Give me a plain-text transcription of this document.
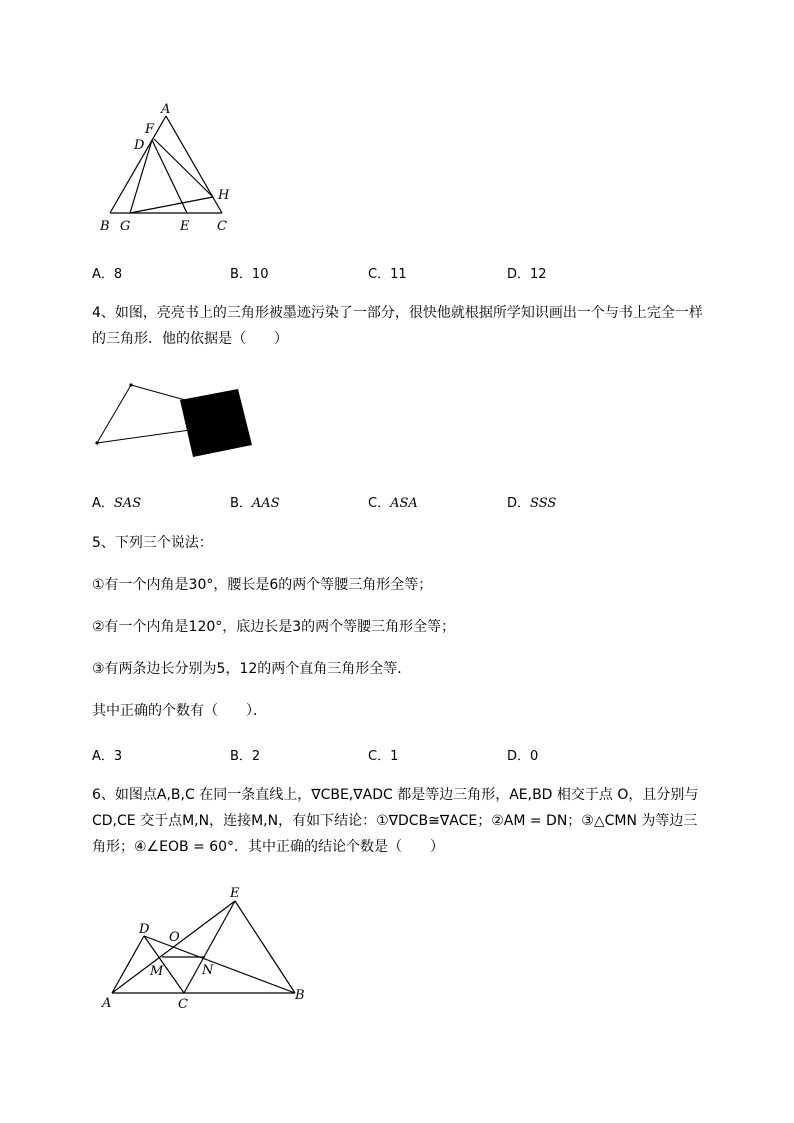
A
F
D
H
B G	E C
A．8	B．10	C．11	D．12
4、如图，亮亮书上的三角形被墨迹污染了一部分，很快他就根据所学知识画出一个与书上完全一样
的三角形．他的依据是（　　）
A．SAS	B．AAS	C．ASA	D．SSS
5、下列三个说法：
①有一个内角是30°，腰长是6的两个等腰三角形全等；
②有一个内角是120°，底边长是3的两个等腰三角形全等；
③有两条边长分别为5，12的两个直角三角形全等．
其中正确的个数有（　　）．
A．3	B．2	C．1	D．0
6、如图点A,B,C 在同一条直线上，∇CBE,∇ADC 都是等边三角形，AE,BD 相交于点 O，且分别与
CD,CE 交于点M,N，连接M,N，有如下结论：①∇DCB≅∇ACE；②AM = DN；③△CMN 为等边三
角形；④∠EOB = 60°．其中正确的结论个数是（　　）
E
D
O
M	N
A	C
B
